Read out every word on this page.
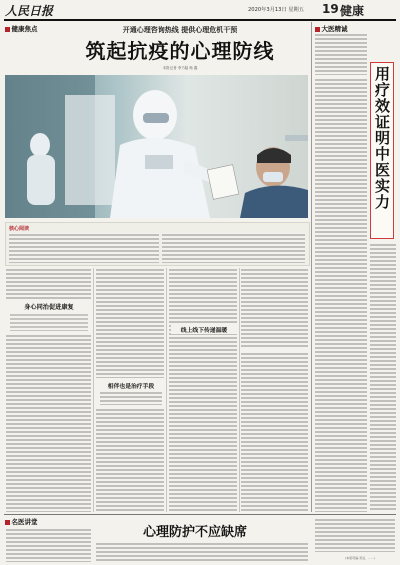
人民日报	2020年3月13日 星期五 19 健康
健康焦点	开通心理咨询热线 提供心理危机干预
筑起抗疫的心理防线
本报记者 李乃陆 杨 鑫
核心阅读
身心同治促进康复
相伴也是治疗手段
线上线下传递温暖
大医精诚
用疗效证明中医实力
名医讲堂
心理防护不应缺席
(本版责编:邓远、……)
